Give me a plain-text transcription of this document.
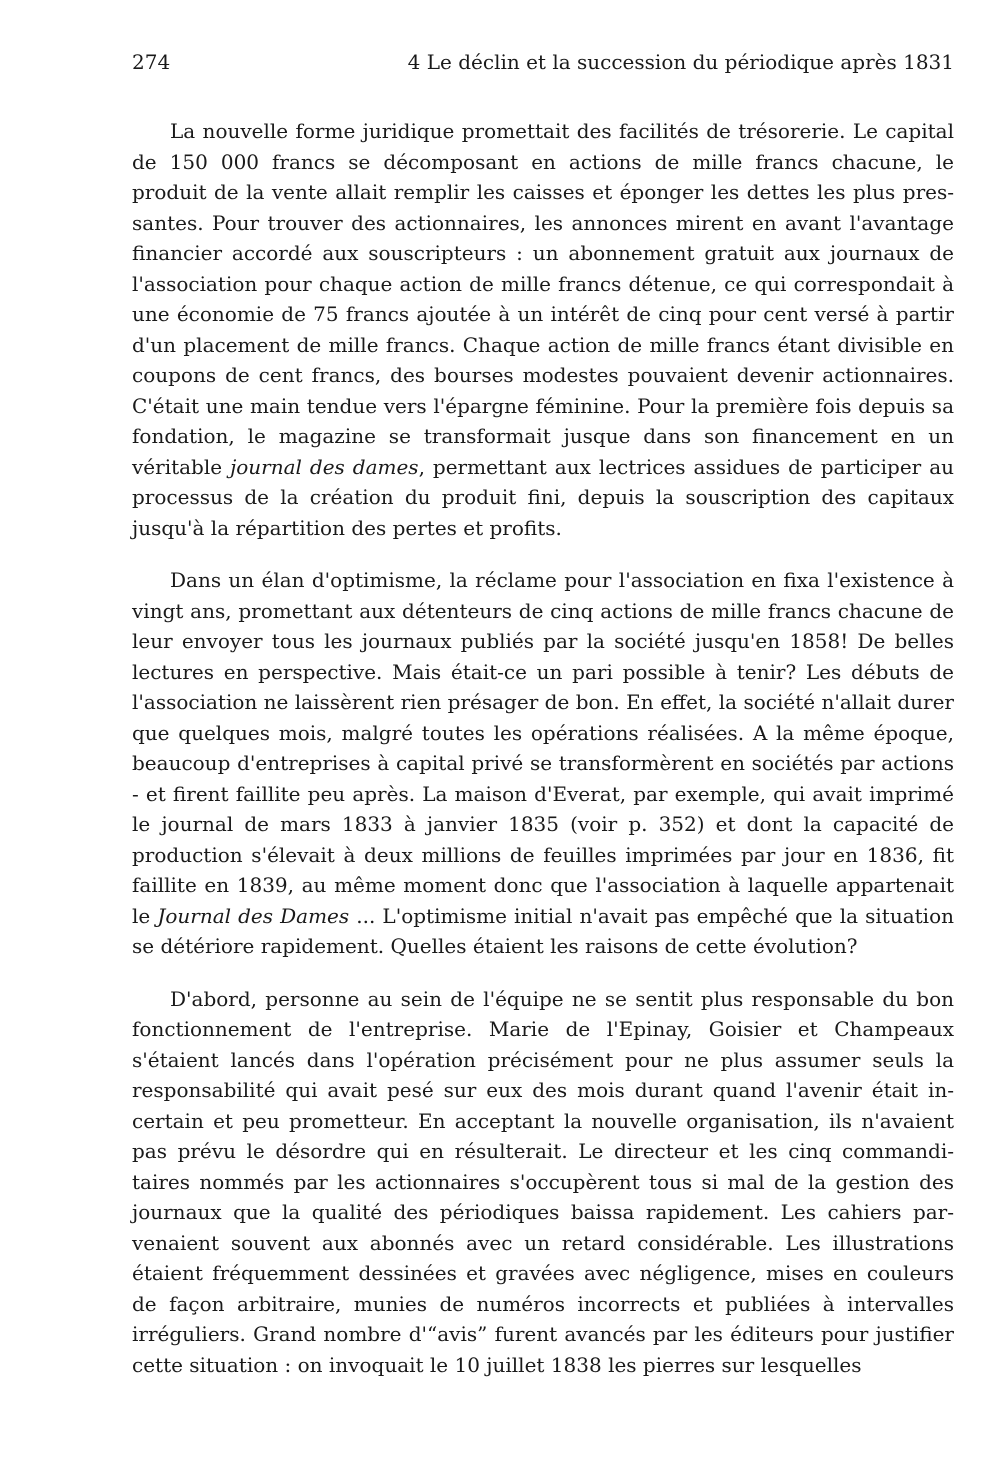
274	4 Le déclin et la succession du périodique après 1831

La nouvelle forme juridique promettait des facilités de trésorerie. Le capital de 150 000 francs se décomposant en actions de mille francs chacune, le produit de la vente allait remplir les caisses et éponger les dettes les plus pressantes. Pour trouver des actionnaires, les annonces mirent en avant l'avantage financier accordé aux souscripteurs : un abonnement gratuit aux journaux de l'association pour chaque action de mille francs détenue, ce qui correspondait à une économie de 75 francs ajoutée à un intérêt de cinq pour cent versé à partir d'un placement de mille francs. Chaque action de mille francs étant divisible en coupons de cent francs, des bourses modestes pouvaient devenir actionnaires. C'était une main tendue vers l'épargne féminine. Pour la première fois depuis sa fondation, le magazine se transformait jusque dans son financement en un véritable journal des dames, permettant aux lectrices assidues de participer au processus de la création du produit fini, depuis la souscription des capitaux jusqu'à la répartition des pertes et profits.

Dans un élan d'optimisme, la réclame pour l'association en fixa l'existence à vingt ans, promettant aux détenteurs de cinq actions de mille francs chacune de leur envoyer tous les journaux publiés par la société jusqu'en 1858! De belles lectures en perspective. Mais était-ce un pari possible à tenir? Les débuts de l'association ne laissèrent rien présager de bon. En effet, la société n'allait durer que quelques mois, malgré toutes les opérations réalisées. A la même époque, beaucoup d'entreprises à capital privé se transformèrent en sociétés par actions - et firent faillite peu après. La maison d'Everat, par exemple, qui avait imprimé le journal de mars 1833 à janvier 1835 (voir p. 352) et dont la capacité de production s'élevait à deux millions de feuilles imprimées par jour en 1836, fit faillite en 1839, au même moment donc que l'association à laquelle appartenait le Journal des Dames ... L'optimisme initial n'avait pas empêché que la situation se détériore rapidement. Quelles étaient les raisons de cette évolution?

D'abord, personne au sein de l'équipe ne se sentit plus responsable du bon fonctionnement de l'entreprise. Marie de l'Epinay, Goisier et Champeaux s'étaient lancés dans l'opération précisément pour ne plus assumer seuls la responsabilité qui avait pesé sur eux des mois durant quand l'avenir était incertain et peu prometteur. En acceptant la nouvelle organisation, ils n'avaient pas prévu le désordre qui en résulterait. Le directeur et les cinq commanditaires nommés par les actionnaires s'occupèrent tous si mal de la gestion des journaux que la qualité des périodiques baissa rapidement. Les cahiers parvenaient souvent aux abonnés avec un retard considérable. Les illustrations étaient fréquemment dessinées et gravées avec négligence, mises en couleurs de façon arbitraire, munies de numéros incorrects et publiées à intervalles irréguliers. Grand nombre d'“avis” furent avancés par les éditeurs pour justifier cette situation : on invoquait le 10 juillet 1838 les pierres sur lesquelles
